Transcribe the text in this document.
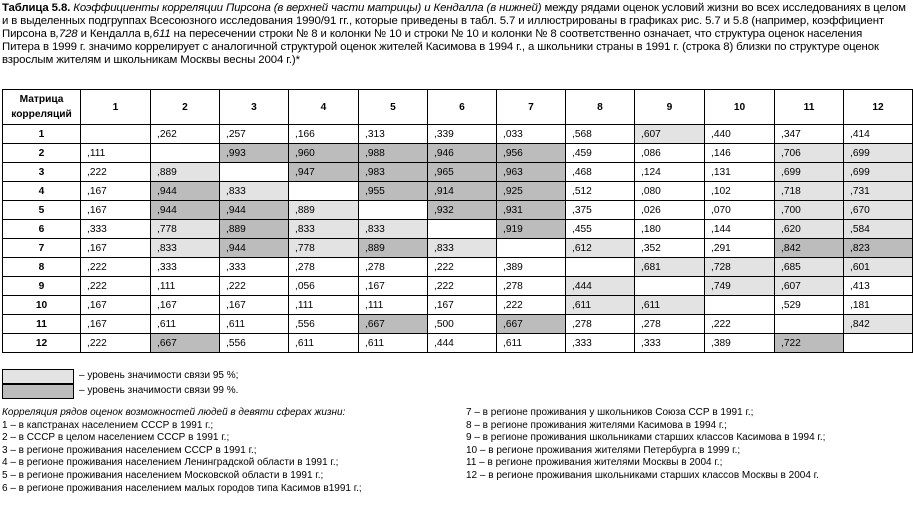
Таблица 5.8. Коэффициенты корреляции Пирсона (в верхней части матрицы) и Кендалла (в нижней) между рядами оценок условий жизни во всех исследованиях в целом
и в выделенных подгруппах Всесоюзного исследования 1990/91 гг., которые приведены в табл. 5.7 и иллюстрированы в графиках рис. 5.7 и 5.8 (например, коэффициент
Пирсона в,728 и Кендалла в,611 на пересечении строки № 8 и колонки № 10 и строки № 10 и колонки № 8 соответственно означает, что структура оценок населения
Питера в 1999 г. значимо коррелирует с аналогичной структурой оценок жителей Касимова в 1994 г., а школьники страны в 1991 г. (строка 8) близки по структуре оценок
взрослым жителям и школьникам Москвы весны 2004 г.)*
Матрица
корреляций	1	2	3	4	5	6	7	8	9	10	11	12
1		,262	,257	,166	,313	,339	,033	,568	,607	,440	,347	,414
2	,111		,993	,960	,988	,946	,956	,459	,086	,146	,706	,699
3	,222	,889		,947	,983	,965	,963	,468	,124	,131	,699	,699
4	,167	,944	,833		,955	,914	,925	,512	,080	,102	,718	,731
5	,167	,944	,944	,889		,932	,931	,375	,026	,070	,700	,670
6	,333	,778	,889	,833	,833		,919	,455	,180	,144	,620	,584
7	,167	,833	,944	,778	,889	,833		,612	,352	,291	,842	,823
8	,222	,333	,333	,278	,278	,222	,389		,681	,728	,685	,601
9	,222	,111	,222	,056	,167	,222	,278	,444		,749	,607	,413
10	,167	,167	,167	,111	,111	,167	,222	,611	,611		,529	,181
11	,167	,611	,611	,556	,667	,500	,667	,278	,278	,222		,842
12	,222	,667	,556	,611	,611	,444	,611	,333	,333	,389	,722	
– уровень значимости связи 95 %;
– уровень значимости связи 99 %.
Корреляция рядов оценок возможностей людей в девяти сферах жизни:
1 – в капстранах населением СССР в 1991 г.;
2 – в СССР в целом населением СССР в 1991 г.;
3 – в регионе проживания населением СССР в 1991 г.;
4 – в регионе проживания населением Ленинградской области в 1991 г.;
5 – в регионе проживания населением Московской области в 1991 г.;
6 – в регионе проживания населением малых городов типа Касимов в1991 г.;
7 – в регионе проживания у школьников Союза ССР в 1991 г.;
8 – в регионе проживания жителями Касимова в 1994 г.;
9 – в регионе проживания школьниками старших классов Касимова в 1994 г.;
10 – в регионе проживания жителями Петербурга в 1999 г.;
11 – в регионе проживания жителями Москвы в 2004 г.;
12 – в регионе проживания школьниками старших классов Москвы в 2004 г.
